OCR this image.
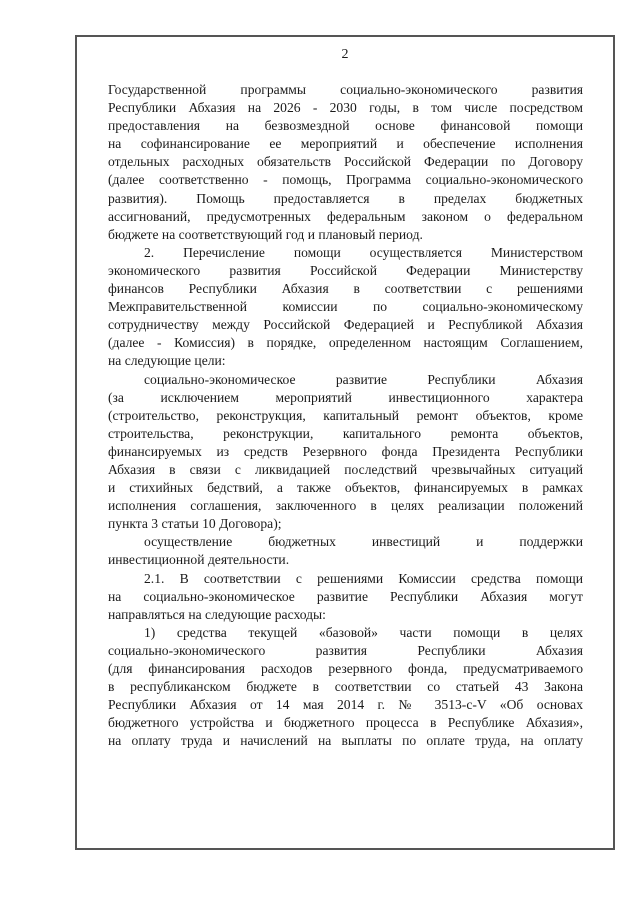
2
Государственной программы социально-экономического развития
Республики Абхазия на 2026 - 2030 годы, в том числе посредством
предоставления на безвозмездной основе финансовой помощи
на софинансирование ее мероприятий и обеспечение исполнения
отдельных расходных обязательств Российской Федерации по Договору
(далее соответственно - помощь, Программа социально-экономического
развития). Помощь предоставляется в пределах бюджетных
ассигнований, предусмотренных федеральным законом о федеральном
бюджете на соответствующий год и плановый период.
2. Перечисление помощи осуществляется Министерством
экономического развития Российской Федерации Министерству
финансов Республики Абхазия в соответствии с решениями
Межправительственной комиссии по социально-экономическому
сотрудничеству между Российской Федерацией и Республикой Абхазия
(далее - Комиссия) в порядке, определенном настоящим Соглашением,
на следующие цели:
социально-экономическое развитие Республики Абхазия
(за исключением мероприятий инвестиционного характера
(строительство, реконструкция, капитальный ремонт объектов, кроме
строительства, реконструкции, капитального ремонта объектов,
финансируемых из средств Резервного фонда Президента Республики
Абхазия в связи с ликвидацией последствий чрезвычайных ситуаций
и стихийных бедствий, а также объектов, финансируемых в рамках
исполнения соглашения, заключенного в целях реализации положений
пункта 3 статьи 10 Договора);
осуществление бюджетных инвестиций и поддержки
инвестиционной деятельности.
2.1. В соответствии с решениями Комиссии средства помощи
на социально-экономическое развитие Республики Абхазия могут
направляться на следующие расходы:
1) средства текущей «базовой» части помощи в целях
социально-экономического развития Республики Абхазия
(для финансирования расходов резервного фонда, предусматриваемого
в республиканском бюджете в соответствии со статьей 43 Закона
Республики Абхазия от 14 мая 2014 г. № 3513-с-V «Об основах
бюджетного устройства и бюджетного процесса в Республике Абхазия»,
на оплату труда и начислений на выплаты по оплате труда, на оплату
